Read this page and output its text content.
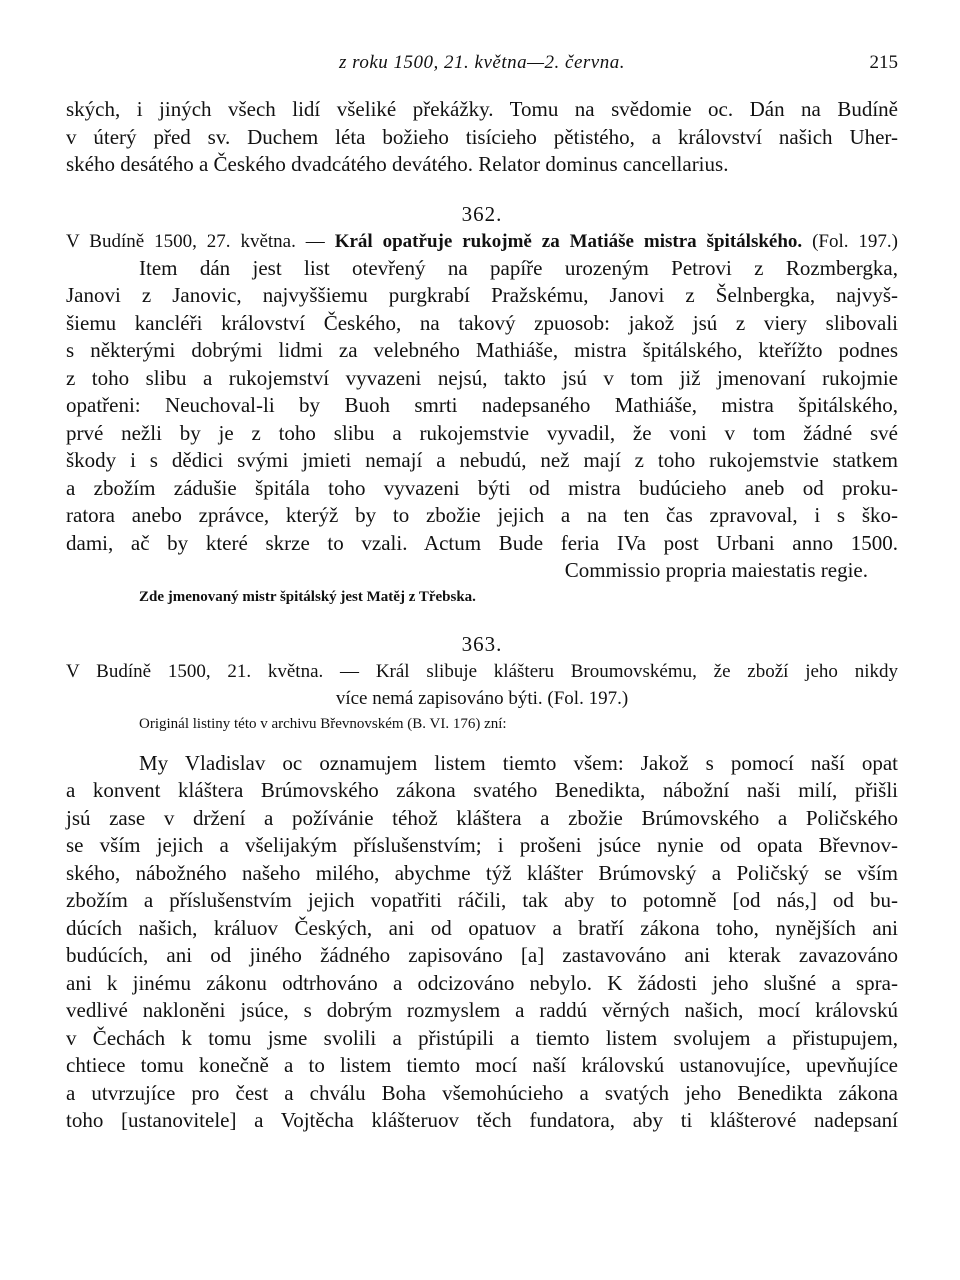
z roku 1500, 21. května—2. června.	215
ských, i jiných všech lidí všeliké překážky. Tomu na svědomie oc. Dán na Budíně
v úterý před sv. Duchem léta božieho tisícieho pětistého, a království našich Uher-
ského desátého a Českého dvadcátého devátého. Relator dominus cancellarius.
362.
V Budíně 1500, 27. května. — Král opatřuje rukojmě za Matiáše mistra špitálského. (Fol. 197.)
Item dán jest list otevřený na papíře urozeným Petrovi z Rozmbergka,
Janovi z Janovic, najvyššiemu purgkrabí Pražskému, Janovi z Šelnbergka, najvyš-
šiemu kancléři království Českého, na takový zpuosob: jakož jsú z viery slibovali
s některými dobrými lidmi za velebného Mathiáše, mistra špitálského, kteřížto podnes
z toho slibu a rukojemství vyvazeni nejsú, takto jsú v tom již jmenovaní rukojmie
opatřeni: Neuchoval-li by Buoh smrti nadepsaného Mathiáše, mistra špitálského,
prvé nežli by je z toho slibu a rukojemstvie vyvadil, že voni v tom žádné své
škody i s dědici svými jmieti nemají a nebudú, než mají z toho rukojemstvie statkem
a zbožím zádušie špitála toho vyvazeni býti od mistra budúcieho aneb od proku-
ratora anebo zprávce, kterýž by to zbožie jejich a na ten čas zpravoval, i s ško-
dami, ač by které skrze to vzali. Actum Bude feria IVa post Urbani anno 1500.
Commissio propria maiestatis regie.
Zde jmenovaný mistr špitálský jest Matěj z Třebska.
363.
V Budíně 1500, 21. května. — Král slibuje klášteru Broumovskému, že zboží jeho nikdy
více nemá zapisováno býti. (Fol. 197.)
Originál listiny této v archivu Břevnovském (B. VI. 176) zní:
My Vladislav oc oznamujem listem tiemto všem: Jakož s pomocí naší opat
a konvent kláštera Brúmovského zákona svatého Benedikta, nábožní naši milí, přišli
jsú zase v držení a požívánie téhož kláštera a zbožie Brúmovského a Poličského
se vším jejich a všelijakým příslušenstvím; i prošeni jsúce nynie od opata Břevnov-
ského, nábožného našeho milého, abychme týž klášter Brúmovský a Poličský se vším
zbožím a příslušenstvím jejich vopatřiti ráčili, tak aby to potomně [od nás,] od bu-
dúcích našich, králuov Českých, ani od opatuov a bratří zákona toho, nynějších ani
budúcích, ani od jiného žádného zapisováno [a] zastavováno ani kterak zavazováno
ani k jinému zákonu odtrhováno a odcizováno nebylo. K žádosti jeho slušné a spra-
vedlivé nakloněni jsúce, s dobrým rozmyslem a raddú věrných našich, mocí královskú
v Čechách k tomu jsme svolili a přistúpili a tiemto listem svolujem a přistupujem,
chtiece tomu konečně a to listem tiemto mocí naší královskú ustanovujíce, upevňujíce
a utvrzujíce pro čest a chválu Boha všemohúcieho a svatých jeho Benedikta zákona
toho [ustanovitele] a Vojtěcha klášteruov těch fundatora, aby ti klášterové nadepsaní
